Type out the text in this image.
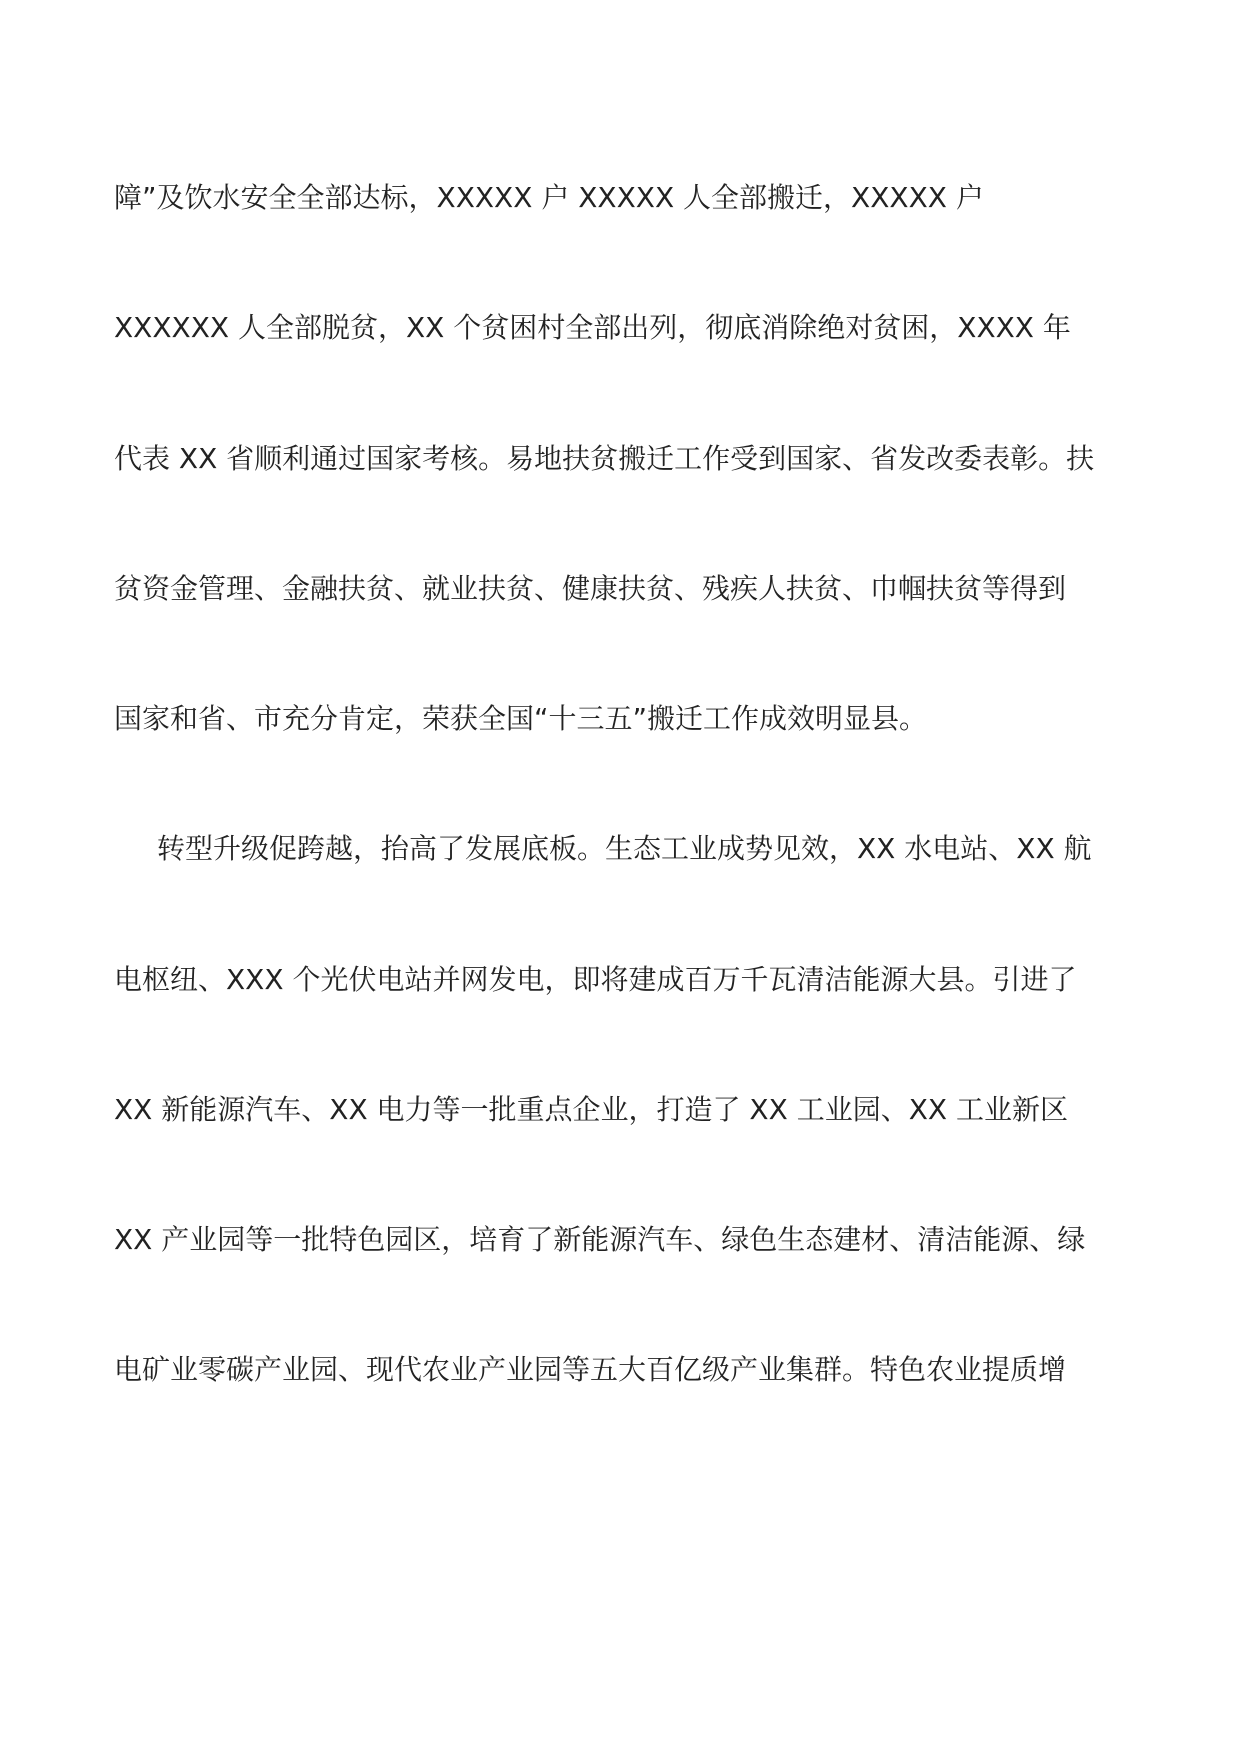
障”及饮水安全全部达标，XXXXX 户 XXXXX 人全部搬迁，XXXXX 户
XXXXXX 人全部脱贫，XX 个贫困村全部出列，彻底消除绝对贫困，XXXX 年
代表 XX 省顺利通过国家考核。易地扶贫搬迁工作受到国家、省发改委表彰。扶
贫资金管理、金融扶贫、就业扶贫、健康扶贫、残疾人扶贫、巾帼扶贫等得到
国家和省、市充分肯定，荣获全国“十三五”搬迁工作成效明显县。
转型升级促跨越，抬高了发展底板。生态工业成势见效，XX 水电站、XX 航
电枢纽、XXX 个光伏电站并网发电，即将建成百万千瓦清洁能源大县。引进了
XX 新能源汽车、XX 电力等一批重点企业，打造了 XX 工业园、XX 工业新区
XX 产业园等一批特色园区，培育了新能源汽车、绿色生态建材、清洁能源、绿
电矿业零碳产业园、现代农业产业园等五大百亿级产业集群。特色农业提质增
